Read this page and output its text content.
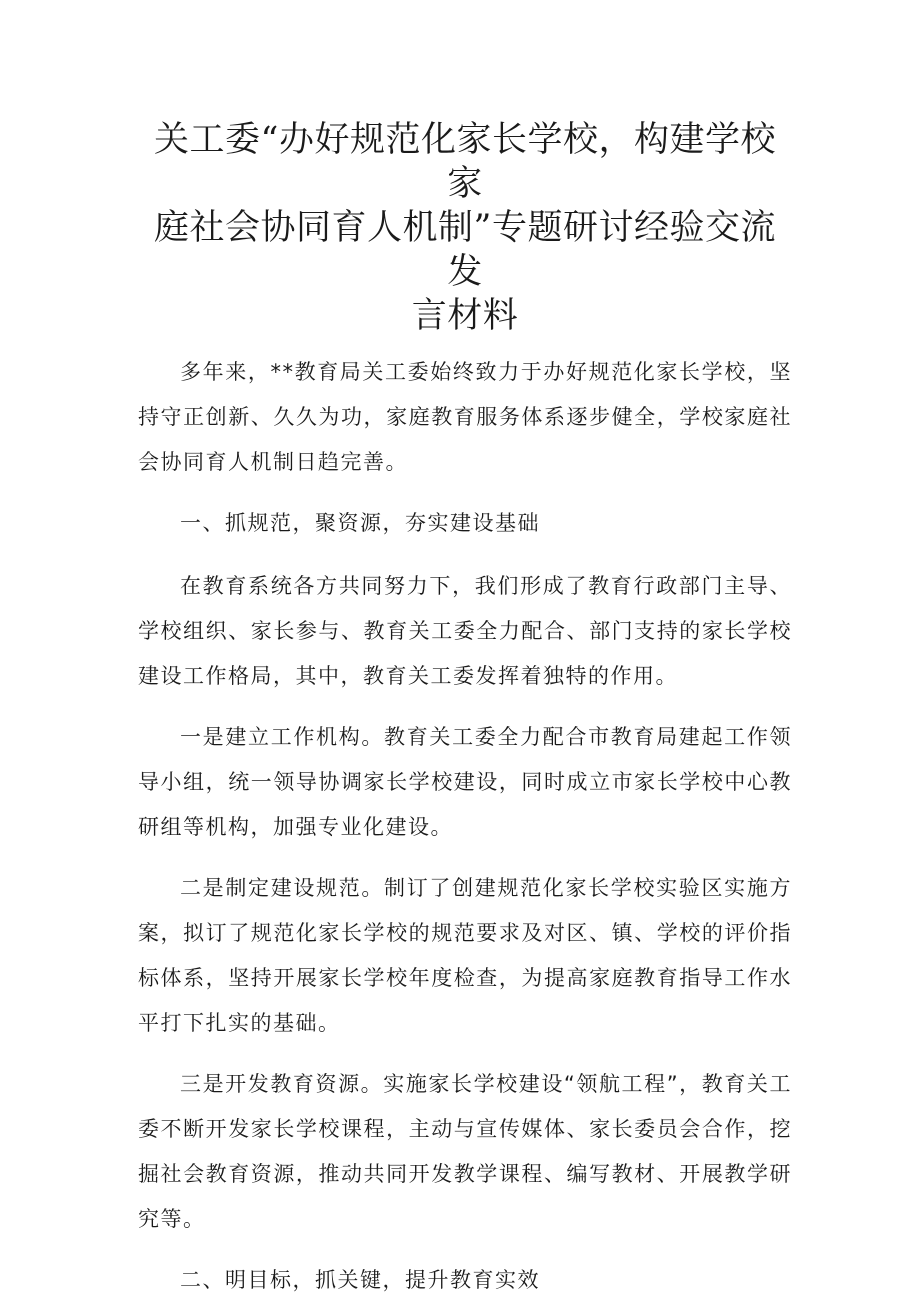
关工委“办好规范化家长学校，构建学校家
庭社会协同育人机制”专题研讨经验交流发
言材料

多年来，**教育局关工委始终致力于办好规范化家长学校，坚持守正创新、久久为功，家庭教育服务体系逐步健全，学校家庭社会协同育人机制日趋完善。

一、抓规范，聚资源，夯实建设基础

在教育系统各方共同努力下，我们形成了教育行政部门主导、学校组织、家长参与、教育关工委全力配合、部门支持的家长学校建设工作格局，其中，教育关工委发挥着独特的作用。

一是建立工作机构。教育关工委全力配合市教育局建起工作领导小组，统一领导协调家长学校建设，同时成立市家长学校中心教研组等机构，加强专业化建设。

二是制定建设规范。制订了创建规范化家长学校实验区实施方案，拟订了规范化家长学校的规范要求及对区、镇、学校的评价指标体系，坚持开展家长学校年度检查，为提高家庭教育指导工作水平打下扎实的基础。

三是开发教育资源。实施家长学校建设“领航工程”，教育关工委不断开发家长学校课程，主动与宣传媒体、家长委员会合作，挖掘社会教育资源，推动共同开发教学课程、编写教材、开展教学研究等。

二、明目标，抓关键，提升教育实效
